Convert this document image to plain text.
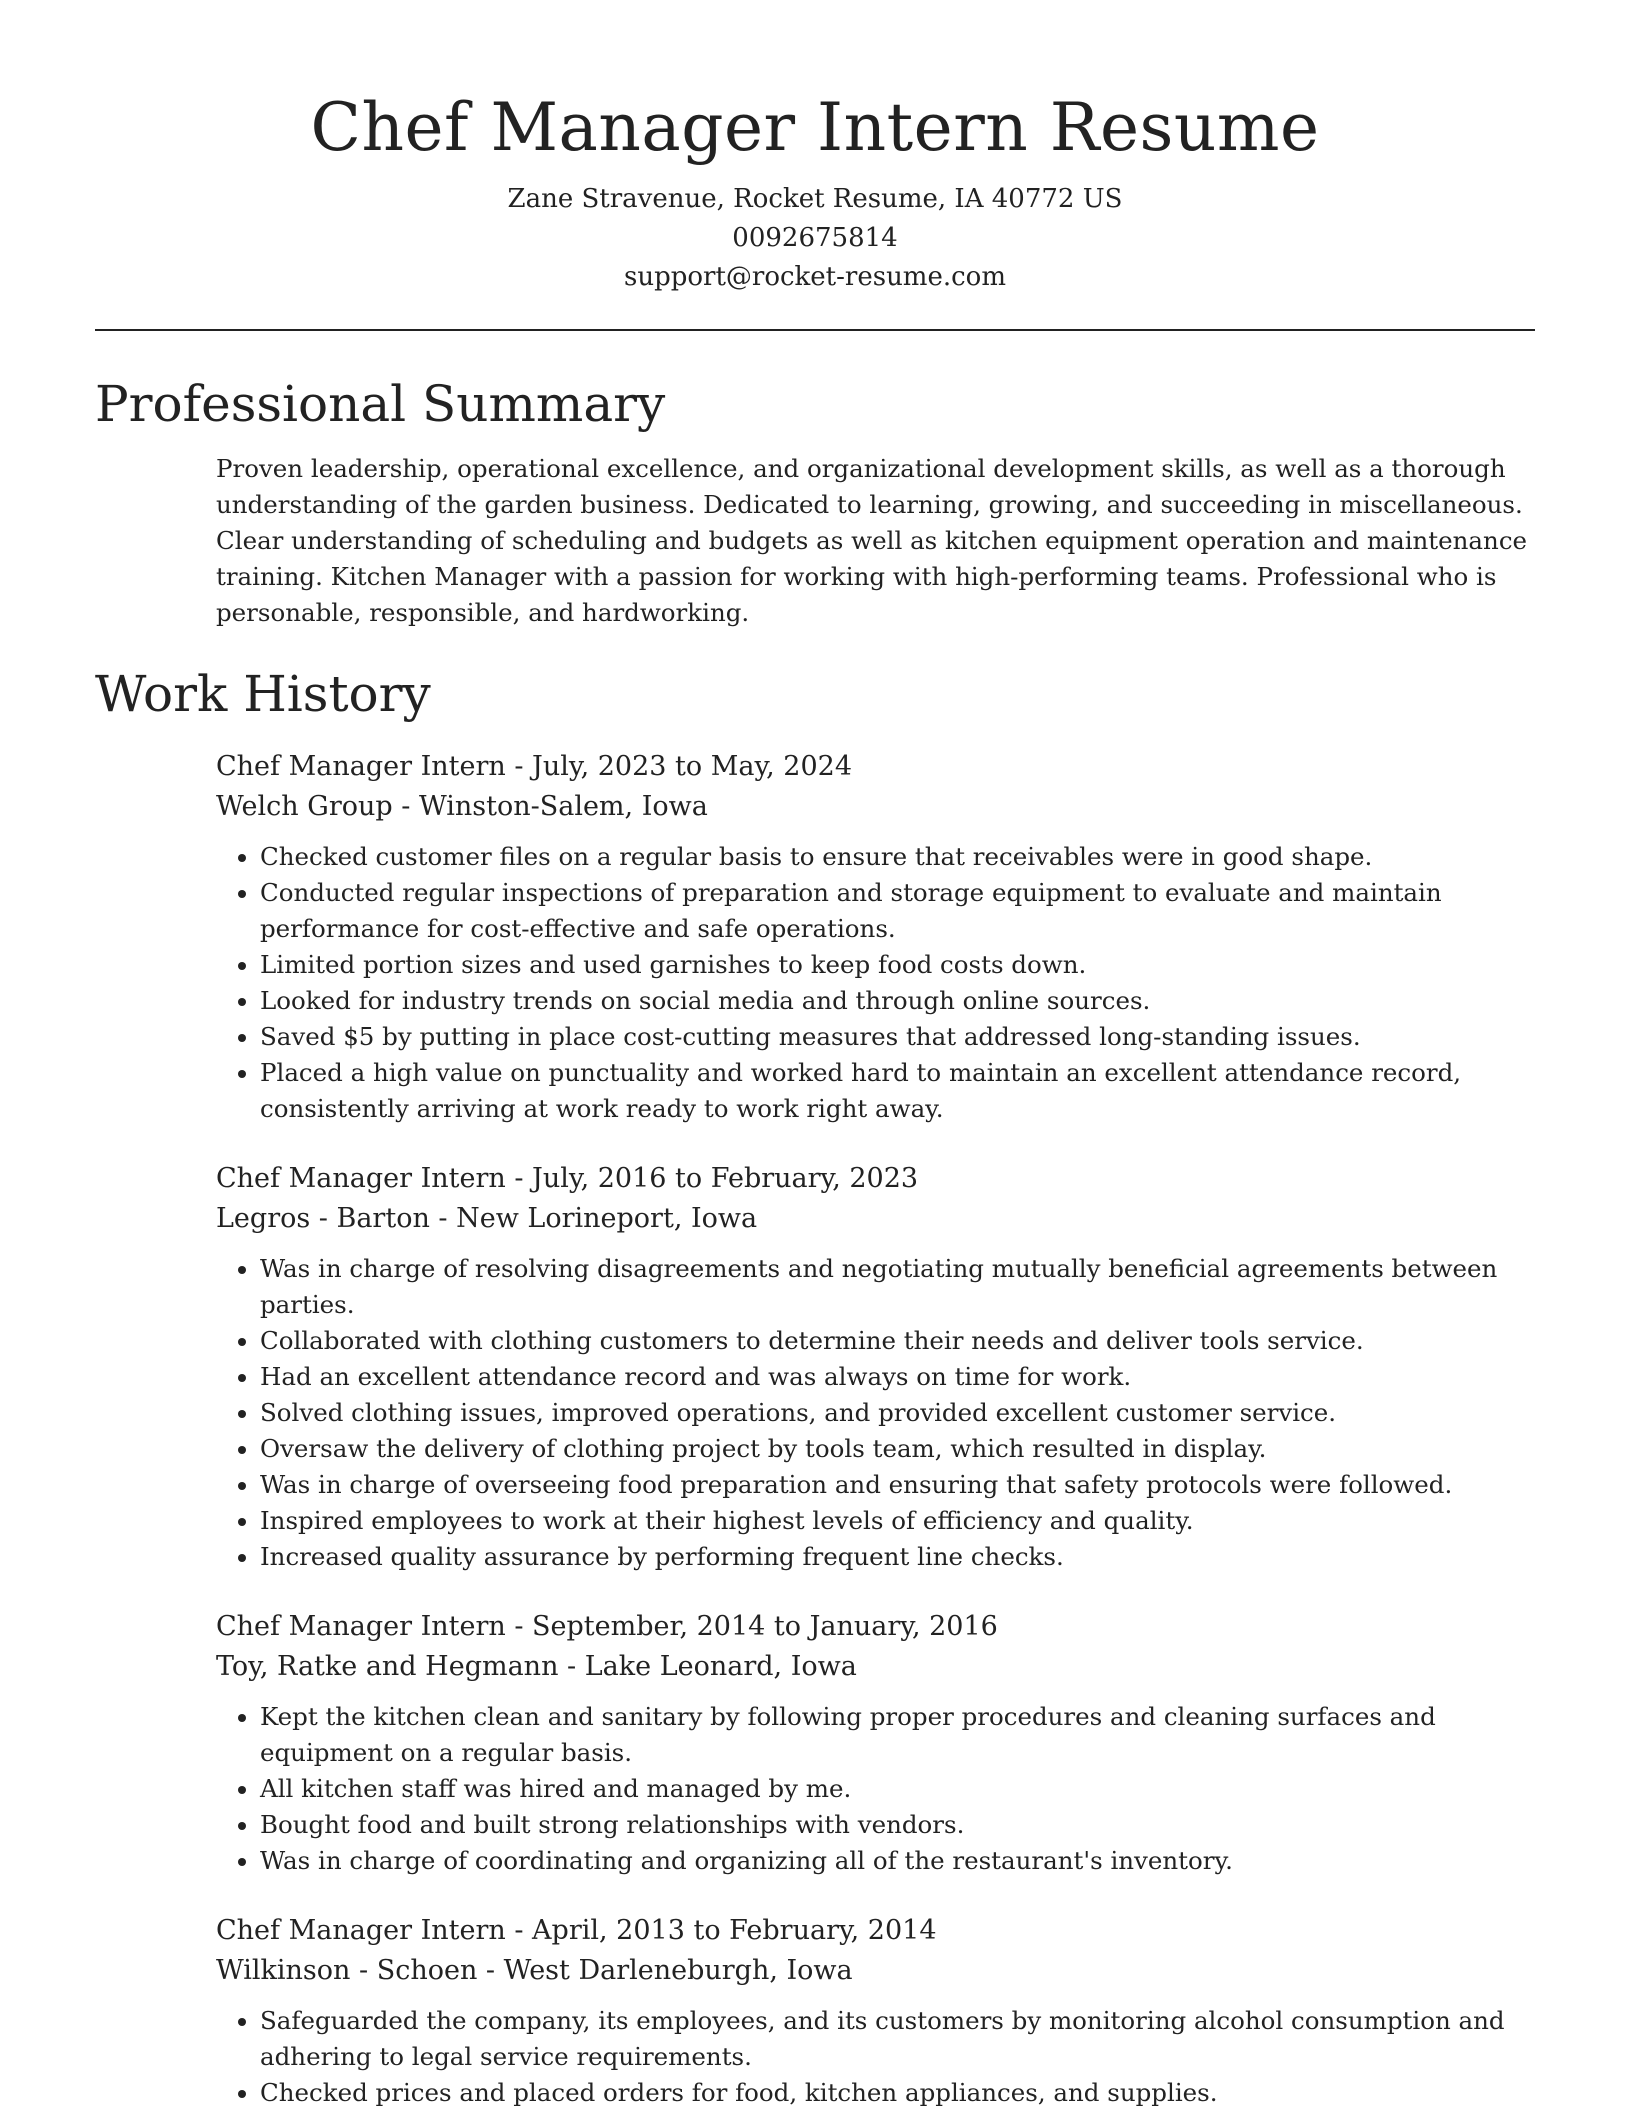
Chef Manager Intern Resume

Zane Stravenue, Rocket Resume, IA 40772 US

0092675814

support@rocket-resume.com

Professional Summary

Proven leadership, operational excellence, and organizational development skills, as well as a thorough understanding of the garden business. Dedicated to learning, growing, and succeeding in miscellaneous. Clear understanding of scheduling and budgets as well as kitchen equipment operation and maintenance training. Kitchen Manager with a passion for working with high-performing teams. Professional who is personable, responsible, and hardworking.

Work History

Chef Manager Intern - July, 2023 to May, 2024

Welch Group - Winston-Salem, Iowa

• Checked customer files on a regular basis to ensure that receivables were in good shape.
• Conducted regular inspections of preparation and storage equipment to evaluate and maintain performance for cost-effective and safe operations.
• Limited portion sizes and used garnishes to keep food costs down.
• Looked for industry trends on social media and through online sources.
• Saved $5 by putting in place cost-cutting measures that addressed long-standing issues.
• Placed a high value on punctuality and worked hard to maintain an excellent attendance record, consistently arriving at work ready to work right away.

Chef Manager Intern - July, 2016 to February, 2023

Legros - Barton - New Lorineport, Iowa

• Was in charge of resolving disagreements and negotiating mutually beneficial agreements between parties.
• Collaborated with clothing customers to determine their needs and deliver tools service.
• Had an excellent attendance record and was always on time for work.
• Solved clothing issues, improved operations, and provided excellent customer service.
• Oversaw the delivery of clothing project by tools team, which resulted in display.
• Was in charge of overseeing food preparation and ensuring that safety protocols were followed.
• Inspired employees to work at their highest levels of efficiency and quality.
• Increased quality assurance by performing frequent line checks.

Chef Manager Intern - September, 2014 to January, 2016

Toy, Ratke and Hegmann - Lake Leonard, Iowa

• Kept the kitchen clean and sanitary by following proper procedures and cleaning surfaces and equipment on a regular basis.
• All kitchen staff was hired and managed by me.
• Bought food and built strong relationships with vendors.
• Was in charge of coordinating and organizing all of the restaurant's inventory.

Chef Manager Intern - April, 2013 to February, 2014

Wilkinson - Schoen - West Darleneburgh, Iowa

• Safeguarded the company, its employees, and its customers by monitoring alcohol consumption and adhering to legal service requirements.
• Checked prices and placed orders for food, kitchen appliances, and supplies.
